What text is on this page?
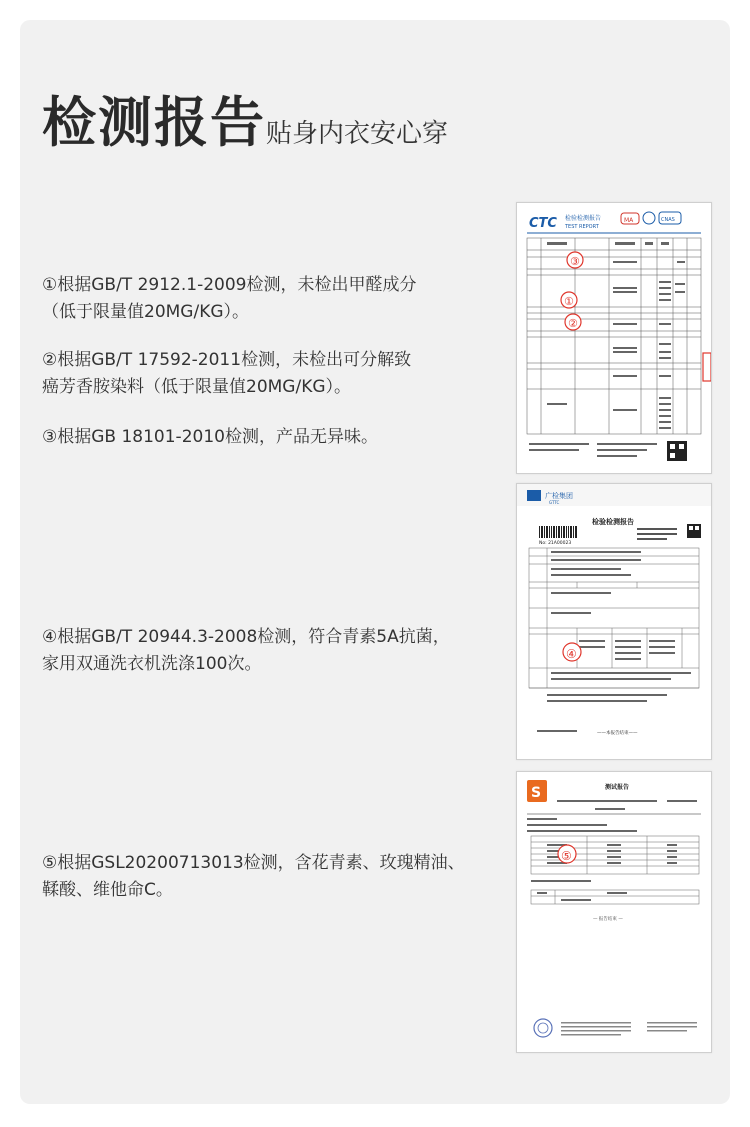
检测报告 贴身内衣安心穿
①根据GB/T 2912.1-2009检测，未检出甲醛成分
（低于限量值20MG/KG）。
②根据GB/T 17592-2011检测，未检出可分解致
癌芳香胺染料（低于限量值20MG/KG）。
③根据GB 18101-2010检测，产品无异味。
④根据GB/T 20944.3-2008检测，符合青素5A抗菌，
家用双通洗衣机洗涤100次。
⑤根据GSL20200713013检测，含花青素、玫瑰精油、
鞣酸、维他命C。
CTC 检验检测报告
TEST REPORT
MA	CNAS
③
①
②
广检集团
GTTC
检验检测报告
No: 21A00023
——本报告结束——
④
S	测试报告
— 报告结束 —
⑤
